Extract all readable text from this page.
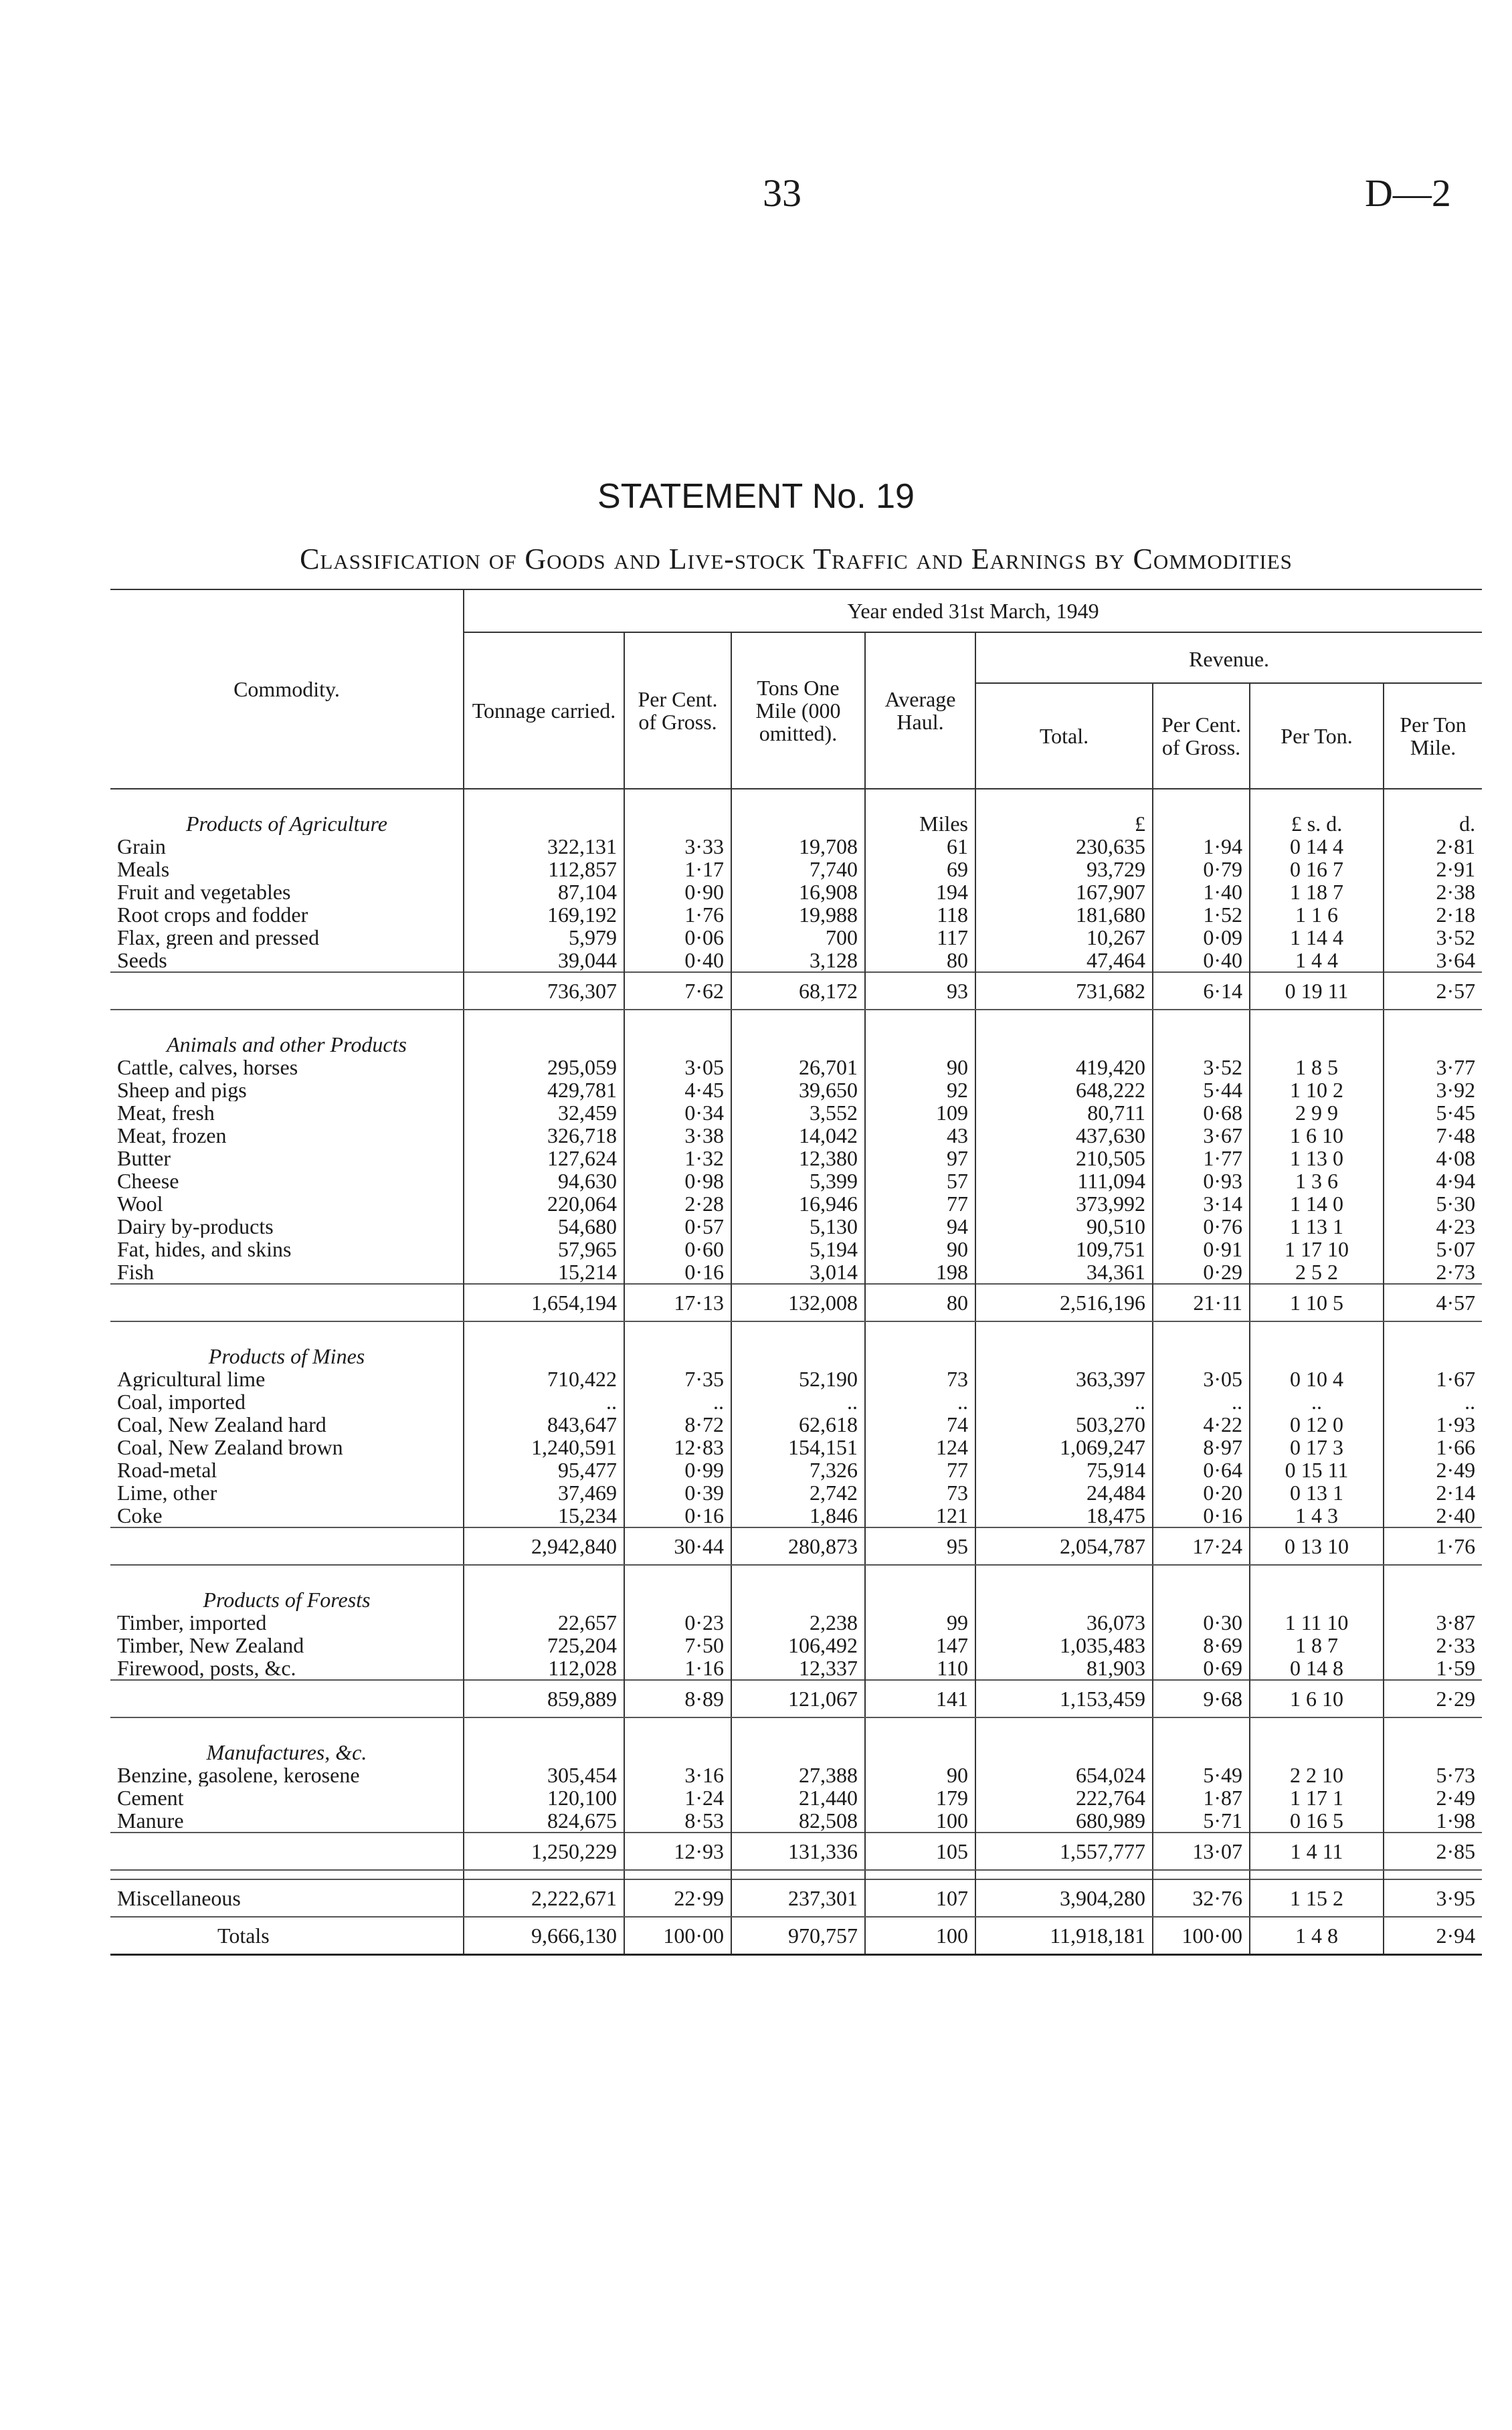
33	D—2
STATEMENT No. 19
Classification of Goods and Live-stock Traffic and Earnings by Commodities
Commodity.	Year ended 31st March, 1949							
	Tonnage carried.	Per Cent. of Gross.	Tons One Mile (000 omitted).	Average Haul.	Revenue.			
					Total.	Per Cent. of Gross.	Per Ton.	Per Ton Mile.
Products of Agriculture				Miles	£		£ s. d.	d.
Grain	322,131	3·33	19,708	61	230,635	1·94	0 14 4	2·81
Meals	112,857	1·17	7,740	69	93,729	0·79	0 16 7	2·91
Fruit and vegetables	87,104	0·90	16,908	194	167,907	1·40	1 18 7	2·38
Root crops and fodder	169,192	1·76	19,988	118	181,680	1·52	1 1 6	2·18
Flax, green and pressed	5,979	0·06	700	117	10,267	0·09	1 14 4	3·52
Seeds	39,044	0·40	3,128	80	47,464	0·40	1 4 4	3·64
	736,307	7·62	68,172	93	731,682	6·14	0 19 11	2·57
Animals and other Products								
Cattle, calves, horses	295,059	3·05	26,701	90	419,420	3·52	1 8 5	3·77
Sheep and pigs	429,781	4·45	39,650	92	648,222	5·44	1 10 2	3·92
Meat, fresh	32,459	0·34	3,552	109	80,711	0·68	2 9 9	5·45
Meat, frozen	326,718	3·38	14,042	43	437,630	3·67	1 6 10	7·48
Butter	127,624	1·32	12,380	97	210,505	1·77	1 13 0	4·08
Cheese	94,630	0·98	5,399	57	111,094	0·93	1 3 6	4·94
Wool	220,064	2·28	16,946	77	373,992	3·14	1 14 0	5·30
Dairy by-products	54,680	0·57	5,130	94	90,510	0·76	1 13 1	4·23
Fat, hides, and skins	57,965	0·60	5,194	90	109,751	0·91	1 17 10	5·07
Fish	15,214	0·16	3,014	198	34,361	0·29	2 5 2	2·73
	1,654,194	17·13	132,008	80	2,516,196	21·11	1 10 5	4·57
Products of Mines								
Agricultural lime	710,422	7·35	52,190	73	363,397	3·05	0 10 4	1·67
Coal, imported	..	..	..	..	..	..	..	..
Coal, New Zealand hard	843,647	8·72	62,618	74	503,270	4·22	0 12 0	1·93
Coal, New Zealand brown	1,240,591	12·83	154,151	124	1,069,247	8·97	0 17 3	1·66
Road-metal	95,477	0·99	7,326	77	75,914	0·64	0 15 11	2·49
Lime, other	37,469	0·39	2,742	73	24,484	0·20	0 13 1	2·14
Coke	15,234	0·16	1,846	121	18,475	0·16	1 4 3	2·40
	2,942,840	30·44	280,873	95	2,054,787	17·24	0 13 10	1·76
Products of Forests								
Timber, imported	22,657	0·23	2,238	99	36,073	0·30	1 11 10	3·87
Timber, New Zealand	725,204	7·50	106,492	147	1,035,483	8·69	1 8 7	2·33
Firewood, posts, &c.	112,028	1·16	12,337	110	81,903	0·69	0 14 8	1·59
	859,889	8·89	121,067	141	1,153,459	9·68	1 6 10	2·29
Manufactures, &c.								
Benzine, gasolene, kerosene	305,454	3·16	27,388	90	654,024	5·49	2 2 10	5·73
Cement	120,100	1·24	21,440	179	222,764	1·87	1 17 1	2·49
Manure	824,675	8·53	82,508	100	680,989	5·71	0 16 5	1·98
	1,250,229	12·93	131,336	105	1,557,777	13·07	1 4 11	2·85

Miscellaneous	2,222,671	22·99	237,301	107	3,904,280	32·76	1 15 2	3·95
Totals	9,666,130	100·00	970,757	100	11,918,181	100·00	1 4 8	2·94
